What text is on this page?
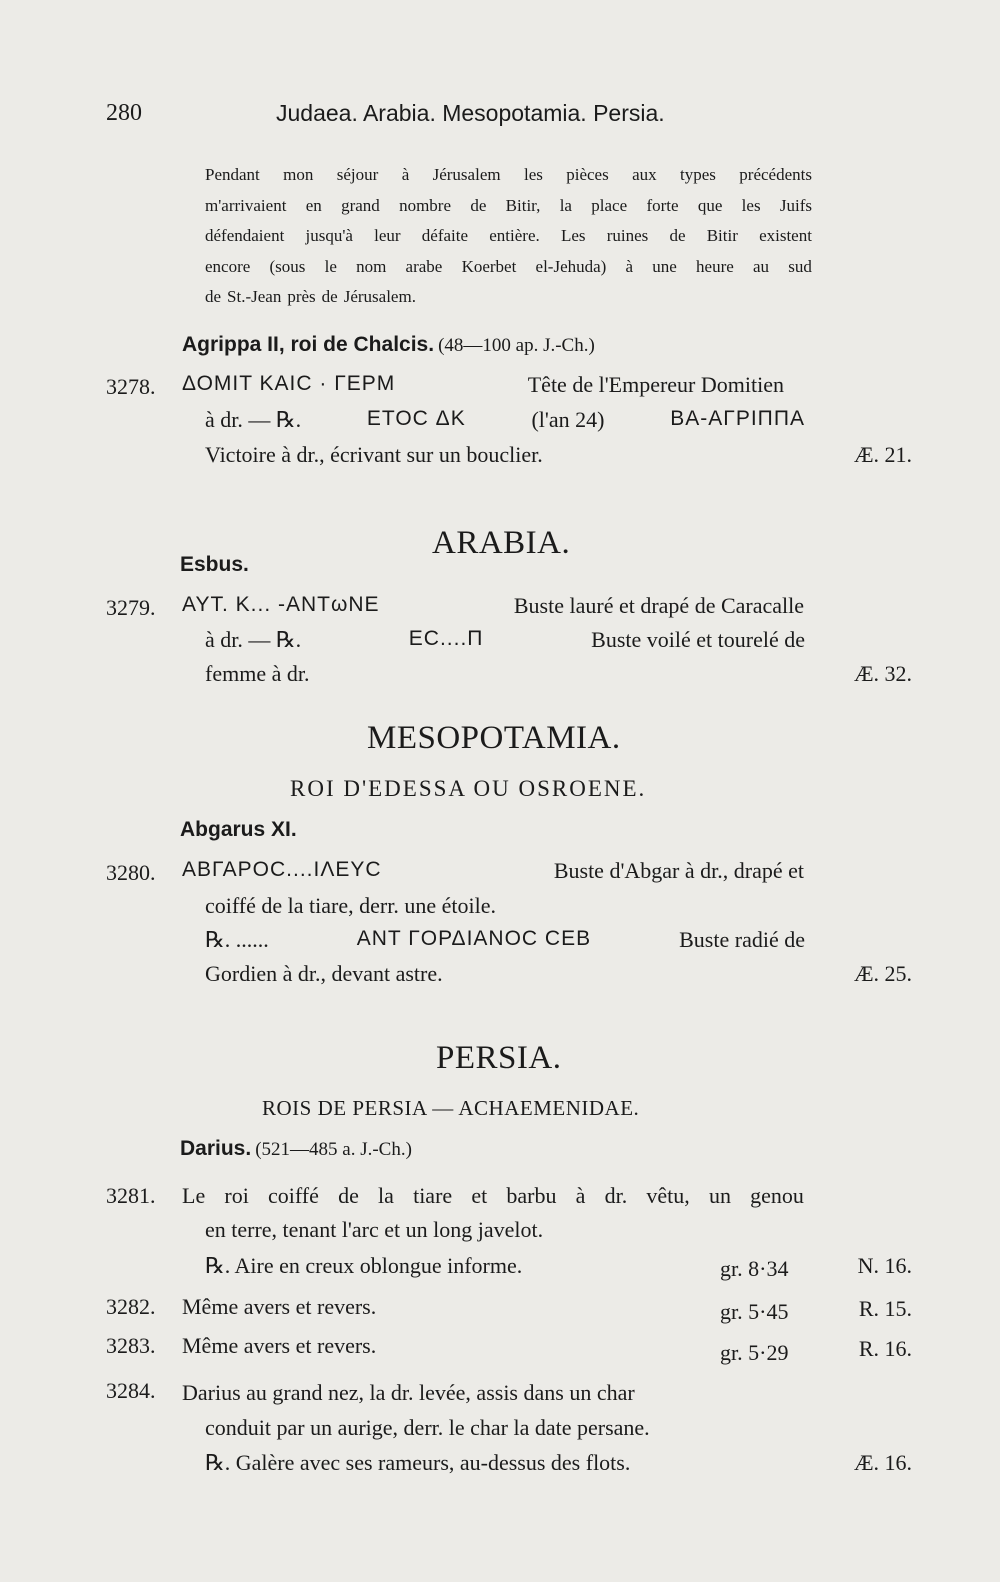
280	Judaea. Arabia. Mesopotamia. Persia.
Pendant mon séjour à Jérusalem les pièces aux types précédents
m'arrivaient en grand nombre de Bitir, la place forte que les Juifs
défendaient jusqu'à leur défaite entière. Les ruines de Bitir existent
encore (sous le nom arabe Koerbet el-Jehuda) à une heure au sud
de St.-Jean près de Jérusalem.
Agrippa II, roi de Chalcis. (48—100 ap. J.-Ch.)
3278. ΔΟΜΙΤ ΚΑΙC · ΓΕΡΜ	Tête de l'Empereur Domitien
à dr. — ℞.	ΕΤΟC ΔΚ	(l'an 24)	ΒΑ-ΑΓΡΙΠΠΑ
Victoire à dr., écrivant sur un bouclier.	Æ. 21.
ARABIA.
Esbus.
3279. ΑΥΤ. Κ... -ΑΝΤωΝΕ	Buste lauré et drapé de Caracalle
à dr. — ℞.	ΕC....Π	Buste voilé et tourelé de
femme à dr.	Æ. 32.
MESOPOTAMIA.
ROI D'EDESSA OU OSROENE.
Abgarus XI.
3280. ΑΒΓΑΡΟC....ΙΛΕΥC	Buste d'Abgar à dr., drapé et
coiffé de la tiare, derr. une étoile.
℞. ......	ΑΝΤ ΓΟΡΔΙΑΝΟC CΕΒ	Buste radié de
Gordien à dr., devant astre.	Æ. 25.
PERSIA.
ROIS DE PERSIA — ACHAEMENIDAE.
Darius. (521—485 a. J.-Ch.)
3281. Le roi coiffé de la tiare et barbu à dr. vêtu, un genou
en terre, tenant l'arc et un long javelot.
℞. Aire en creux oblongue informe.	gr. 8·34	N. 16.
3282. Même avers et revers.	gr. 5·45	R. 15.
3283. Même avers et revers.	gr. 5·29	R. 16.
3284. Darius au grand nez, la dr. levée, assis dans un char
conduit par un aurige, derr. le char la date persane.
℞. Galère avec ses rameurs, au-dessus des flots.	Æ. 16.
